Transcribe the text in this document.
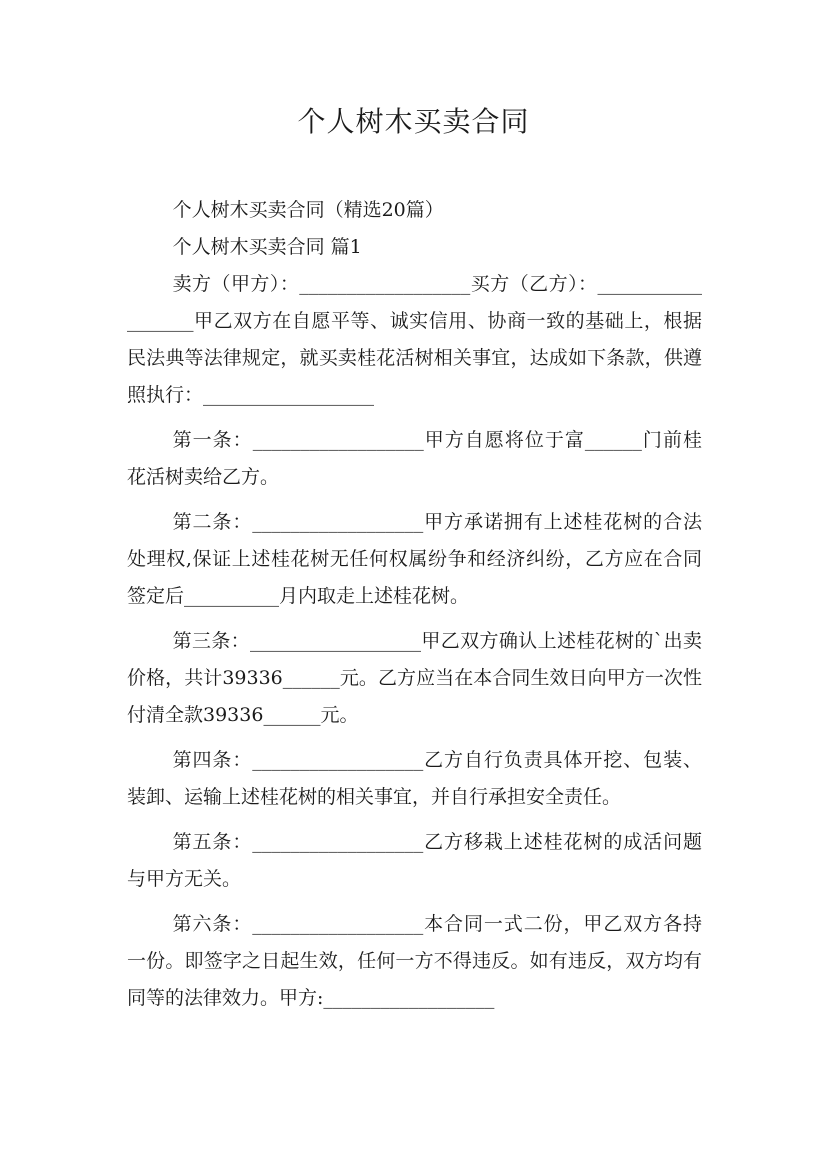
个人树木买卖合同

个人树木买卖合同（精选20篇）

个人树木买卖合同 篇1

卖方（甲方）：__________________买方（乙方）：__________________甲乙双方在自愿平等、诚实信用、协商一致的基础上，根据民法典等法律规定，就买卖桂花活树相关事宜，达成如下条款，供遵照执行：__________________

第一条：__________________甲方自愿将位于富______门前桂花活树卖给乙方。

第二条：__________________甲方承诺拥有上述桂花树的合法处理权,保证上述桂花树无任何权属纷争和经济纠纷，乙方应在合同签定后__________月内取走上述桂花树。

第三条：__________________甲乙双方确认上述桂花树的`出卖价格，共计39336______元。乙方应当在本合同生效日向甲方一次性付清全款39336______元。

第四条：__________________乙方自行负责具体开挖、包装、装卸、运输上述桂花树的相关事宜，并自行承担安全责任。

第五条：__________________乙方移栽上述桂花树的成活问题与甲方无关。

第六条：__________________本合同一式二份，甲乙双方各持一份。即签字之日起生效，任何一方不得违反。如有违反，双方均有同等的法律效力。甲方:__________________
